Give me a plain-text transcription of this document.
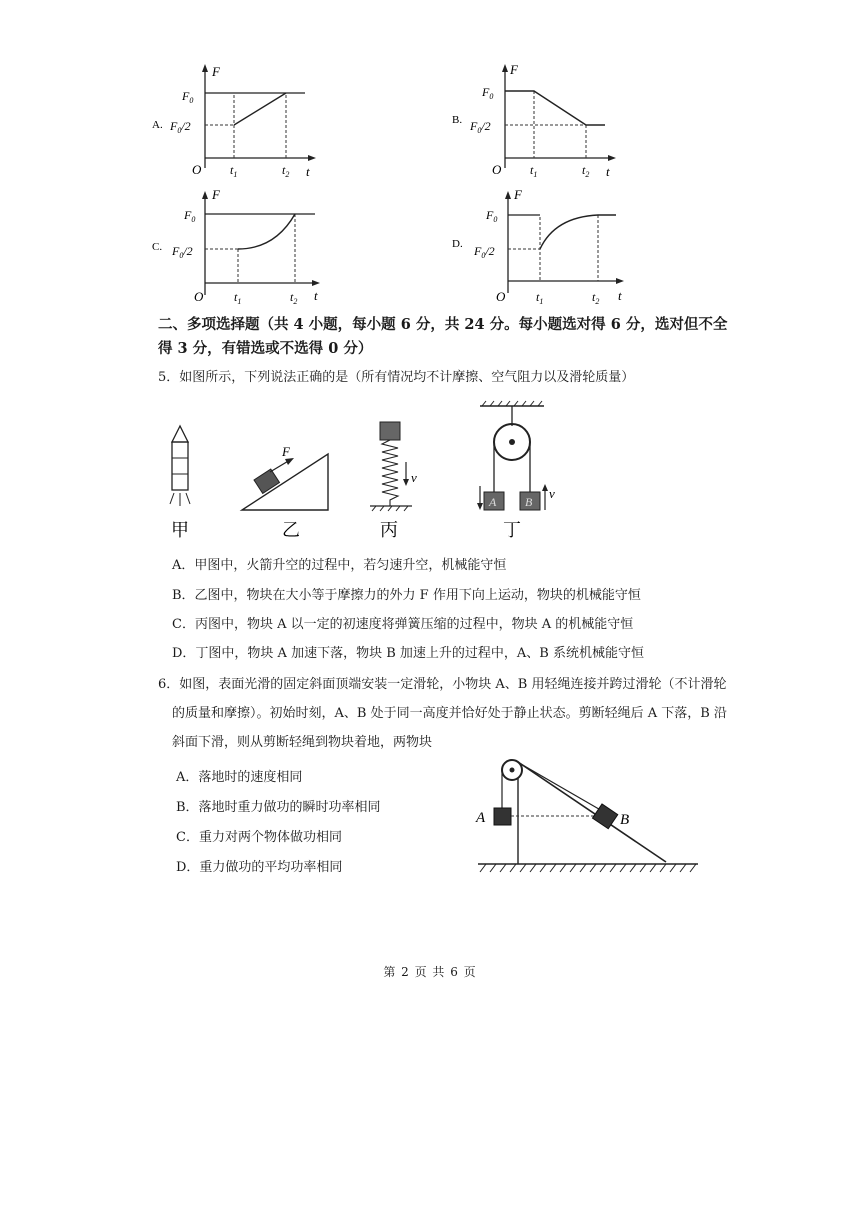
A.
F
t
O
$F_0$
$F_0/2$
$t_1$	$t_2$
B.
F
t
O
$F_0$
$F_0/2$
$t_1$	$t_2$
C.
F
t
O
$F_0$
$F_0/2$
$t_1$	$t_2$
D.
F
t
O
$F_0$
$F_0/2$
$t_1$	$t_2$
二、多项选择题（共 4 小题，每小题 6 分，共 24 分。每小题选对得 6 分，选对但不全得 3 分，有错选或不选得 0 分）
5．如图所示，下列说法正确的是（所有情况均不计摩擦、空气阻力以及滑轮质量）
甲
F
乙
v
丙
A B
v
丁
A．甲图中，火箭升空的过程中，若匀速升空，机械能守恒
B．乙图中，物块在大小等于摩擦力的外力 F 作用下向上运动，物块的机械能守恒
C．丙图中，物块 A 以一定的初速度将弹簧压缩的过程中，物块 A 的机械能守恒
D．丁图中，物块 A 加速下落，物块 B 加速上升的过程中，A、B 系统机械能守恒
6．如图，表面光滑的固定斜面顶端安装一定滑轮，小物块 A、B 用轻绳连接并跨过滑轮（不计滑轮
的质量和摩擦）。初始时刻，A、B 处于同一高度并恰好处于静止状态。剪断轻绳后 A 下落，B 沿
斜面下滑，则从剪断轻绳到物块着地，两物块
A．落地时的速度相同
B．落地时重力做功的瞬时功率相同
C．重力对两个物体做功相同
D．重力做功的平均功率相同
A	B
第 2 页 共 6 页
